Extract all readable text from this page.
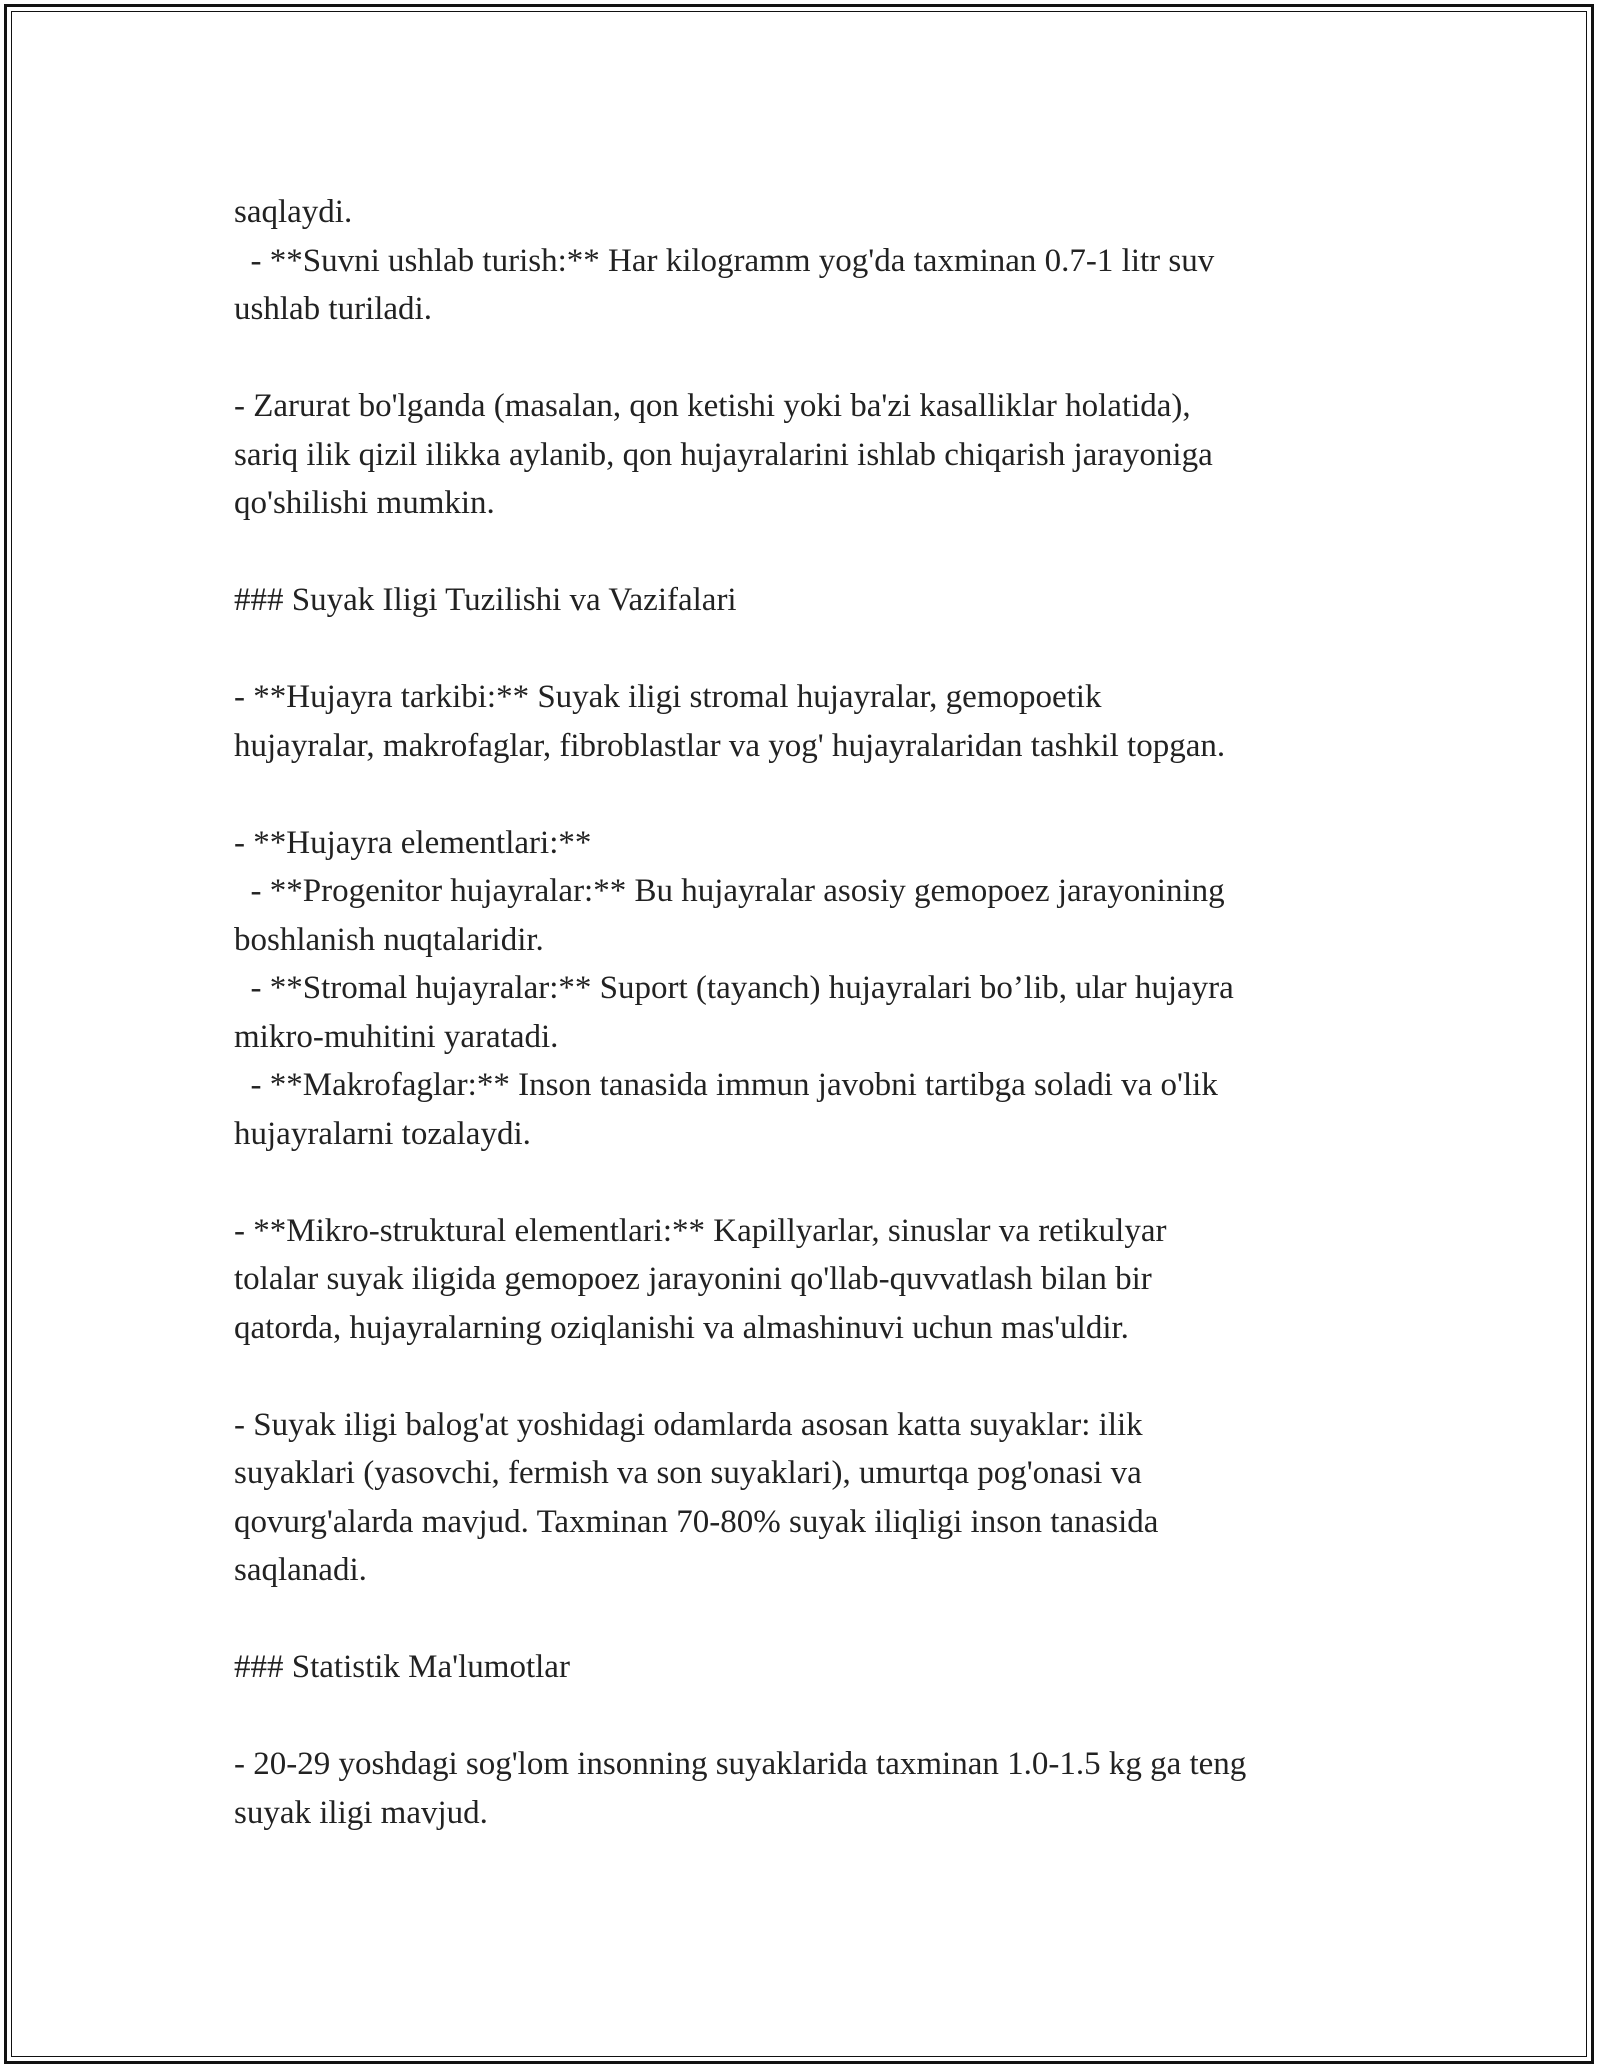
saqlaydi.
- **Suvni ushlab turish:** Har kilogramm yog'da taxminan 0.7-1 litr suv
ushlab turiladi.
- Zarurat bo'lganda (masalan, qon ketishi yoki ba'zi kasalliklar holatida),
sariq ilik qizil ilikka aylanib, qon hujayralarini ishlab chiqarish jarayoniga
qo'shilishi mumkin.
### Suyak Iligi Tuzilishi va Vazifalari
- **Hujayra tarkibi:** Suyak iligi stromal hujayralar, gemopoetik
hujayralar, makrofaglar, fibroblastlar va yog' hujayralaridan tashkil topgan.
- **Hujayra elementlari:**
- **Progenitor hujayralar:** Bu hujayralar asosiy gemopoez jarayonining
boshlanish nuqtalaridir.
- **Stromal hujayralar:** Suport (tayanch) hujayralari bo’lib, ular hujayra
mikro-muhitini yaratadi.
- **Makrofaglar:** Inson tanasida immun javobni tartibga soladi va o'lik
hujayralarni tozalaydi.
- **Mikro-struktural elementlari:** Kapillyarlar, sinuslar va retikulyar
tolalar suyak iligida gemopoez jarayonini qo'llab-quvvatlash bilan bir
qatorda, hujayralarning oziqlanishi va almashinuvi uchun mas'uldir.
- Suyak iligi balog'at yoshidagi odamlarda asosan katta suyaklar: ilik
suyaklari (yasovchi, fermish va son suyaklari), umurtqa pog'onasi va
qovurg'alarda mavjud. Taxminan 70-80% suyak iliqligi inson tanasida
saqlanadi.
### Statistik Ma'lumotlar
- 20-29 yoshdagi sog'lom insonning suyaklarida taxminan 1.0-1.5 kg ga teng
suyak iligi mavjud.
